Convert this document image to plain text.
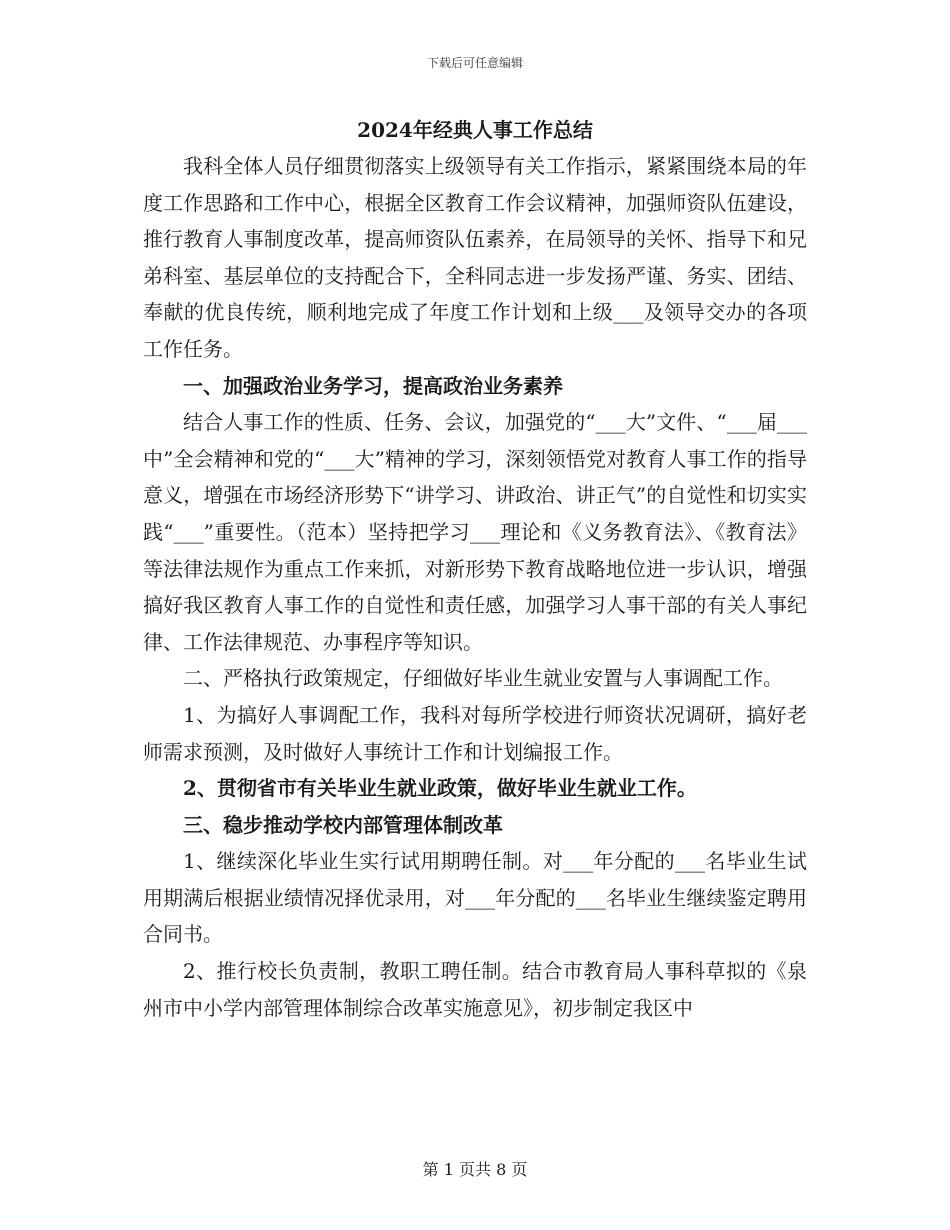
下载后可任意编辑
2024年经典人事工作总结

我科全体人员仔细贯彻落实上级领导有关工作指示，紧紧围绕本局的年度工作思路和工作中心，根据全区教育工作会议精神，加强师资队伍建设，推行教育人事制度改革，提高师资队伍素养，在局领导的关怀、指导下和兄弟科室、基层单位的支持配合下，全科同志进一步发扬严谨、务实、团结、奉献的优良传统，顺利地完成了年度工作计划和上级___及领导交办的各项工作任务。

一、加强政治业务学习，提高政治业务素养

结合人事工作的性质、任务、会议，加强党的“___大”文件、“___届___中”全会精神和党的“___大”精神的学习，深刻领悟党对教育人事工作的指导意义，增强在市场经济形势下“讲学习、讲政治、讲正气”的自觉性和切实实践“___”重要性。（范本）坚持把学习___理论和《义务教育法》、《教育法》等法律法规作为重点工作来抓，对新形势下教育战略地位进一步认识，增强搞好我区教育人事工作的自觉性和责任感，加强学习人事干部的有关人事纪律、工作法律规范、办事程序等知识。

二、严格执行政策规定，仔细做好毕业生就业安置与人事调配工作。

1、为搞好人事调配工作，我科对每所学校进行师资状况调研，搞好老师需求预测，及时做好人事统计工作和计划编报工作。

2、贯彻省市有关毕业生就业政策，做好毕业生就业工作。

三、稳步推动学校内部管理体制改革

1、继续深化毕业生实行试用期聘任制。对___年分配的___名毕业生试用期满后根据业绩情况择优录用，对___年分配的___名毕业生继续鉴定聘用合同书。

2、推行校长负责制，教职工聘任制。结合市教育局人事科草拟的《泉州市中小学内部管理体制综合改革实施意见》，初步制定我区中

第 1 页共 8 页
